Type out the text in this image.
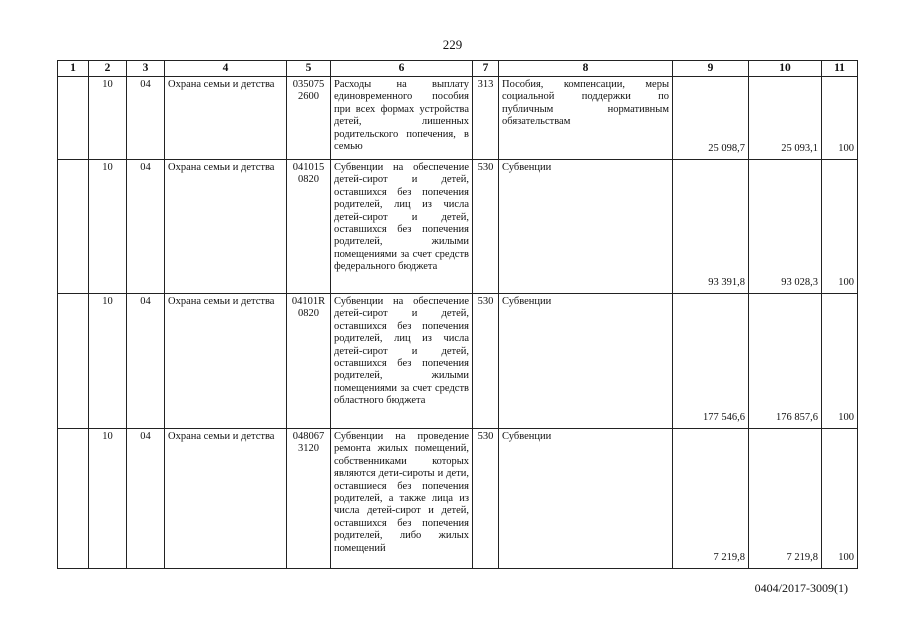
229
1	2	3	4	5	6	7	8	9	10	11
	10	04	Охрана семьи и детства	035075 2600	Расходы на выплату единовременного пособия при всех формах устройства детей, лишенных родительского попечения, в семью	313	Пособия, компенсации, меры социальной поддержки по публичным нормативным обязательствам	25 098,7	25 093,1	100
	10	04	Охрана семьи и детства	041015 0820	Субвенции на обеспечение детей-сирот и детей, оставшихся без попечения родителей, лиц из числа детей-сирот и детей, оставшихся без попечения родителей, жилыми помещениями за счет средств федерального бюджета	530	Субвенции	93 391,8	93 028,3	100
	10	04	Охрана семьи и детства	04101R 0820	Субвенции на обеспечение детей-сирот и детей, оставшихся без попечения родителей, лиц из числа детей-сирот и детей, оставшихся без попечения родителей, жилыми помещениями за счет средств областного бюджета	530	Субвенции	177 546,6	176 857,6	100
	10	04	Охрана семьи и детства	048067 3120	Субвенции на проведение ремонта жилых помещений, собственниками которых являются дети-сироты и дети, оставшиеся без попечения родителей, а также лица из числа детей-сирот и детей, оставшихся без попечения родителей, либо жилых помещений	530	Субвенции	7 219,8	7 219,8	100
0404/2017-3009(1)
